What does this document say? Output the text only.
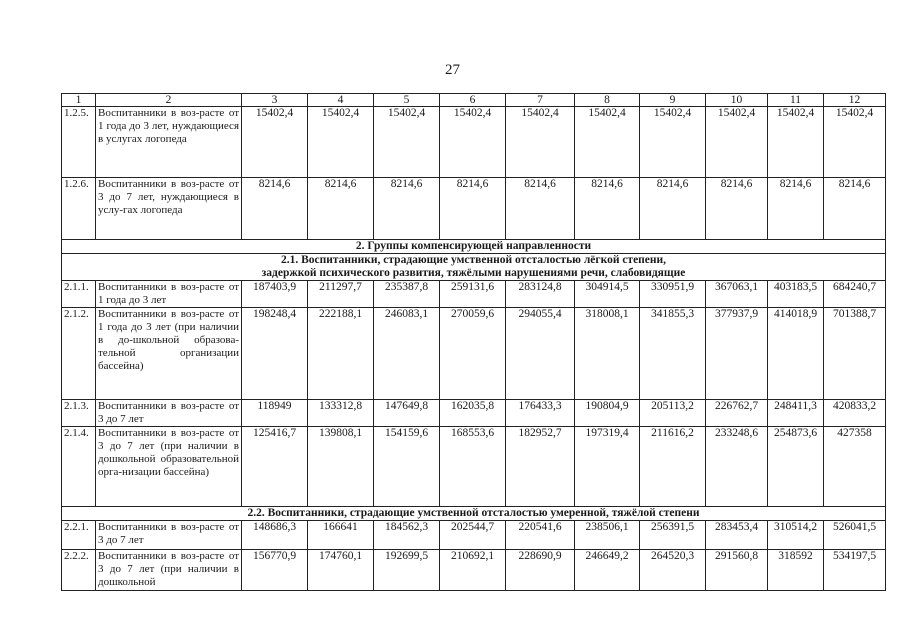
27
1	2	3	4	5	6	7	8	9	10	11	12
1.2.5.	Воспитанники в воз-расте от 1 года до 3 лет, нуждающиеся в услугах логопеда	15402,4	15402,4	15402,4	15402,4	15402,4	15402,4	15402,4	15402,4	15402,4	15402,4
1.2.6.	Воспитанники в воз-расте от 3 до 7 лет, нуждающиеся в услу-гах логопеда	8214,6	8214,6	8214,6	8214,6	8214,6	8214,6	8214,6	8214,6	8214,6	8214,6
2. Группы компенсирующей направленности											
2.1. Воспитанники, страдающие умственной отсталостью лёгкой степени,
задержкой психического развития, тяжёлыми нарушениями речи, слабовидящие											
2.1.1.	Воспитанники в воз-расте от 1 года до 3 лет	187403,9	211297,7	235387,8	259131,6	283124,8	304914,5	330951,9	367063,1	403183,5	684240,7
2.1.2.	Воспитанники в воз-расте от 1 года до 3 лет (при наличии в до-школьной образова-тельной организации бассейна)	198248,4	222188,1	246083,1	270059,6	294055,4	318008,1	341855,3	377937,9	414018,9	701388,7
2.1.3.	Воспитанники в воз-расте от 3 до 7 лет	118949	133312,8	147649,8	162035,8	176433,3	190804,9	205113,2	226762,7	248411,3	420833,2
2.1.4.	Воспитанники в воз-расте от 3 до 7 лет (при наличии в дошкольной образовательной орга-низации бассейна)	125416,7	139808,1	154159,6	168553,6	182952,7	197319,4	211616,2	233248,6	254873,6	427358
2.2. Воспитанники, страдающие умственной отсталостью умеренной, тяжёлой степени											
2.2.1.	Воспитанники в воз-расте от 3 до 7 лет	148686,3	166641	184562,3	202544,7	220541,6	238506,1	256391,5	283453,4	310514,2	526041,5
2.2.2.	Воспитанники в воз-расте от 3 до 7 лет (при наличии в дошкольной	156770,9	174760,1	192699,5	210692,1	228690,9	246649,2	264520,3	291560,8	318592	534197,5
